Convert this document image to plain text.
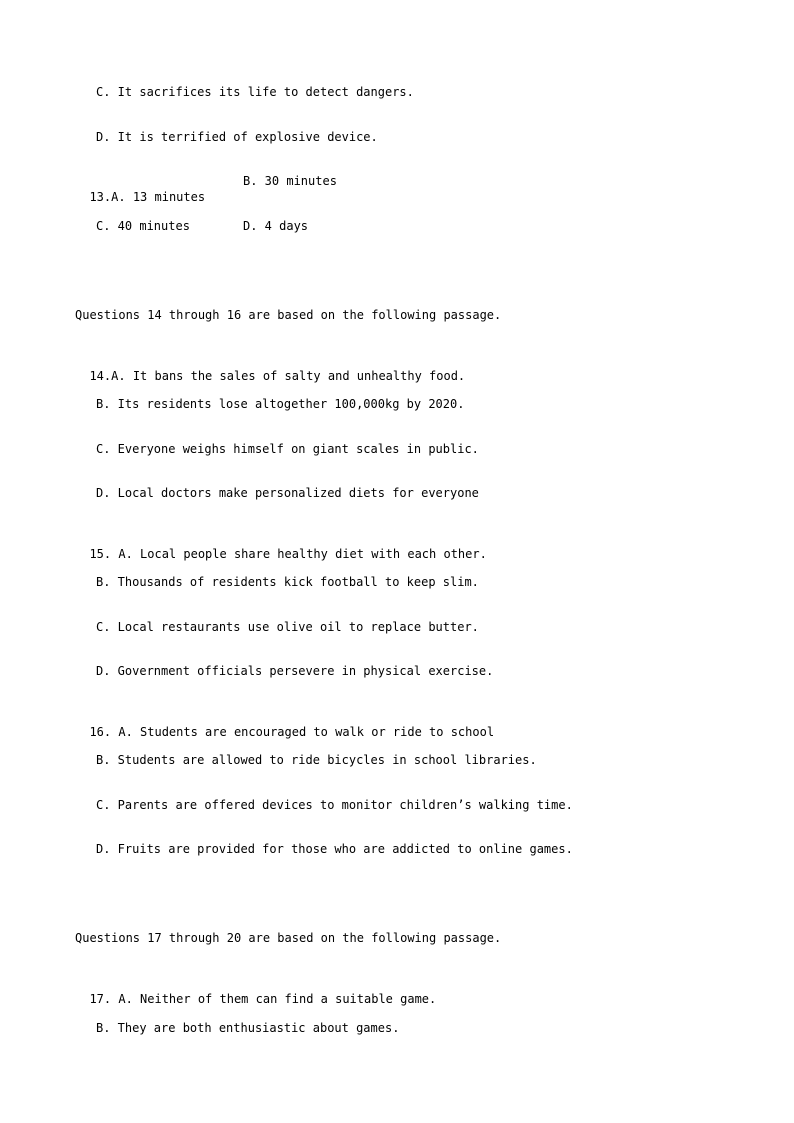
C. It sacrifices its life to detect dangers.
D. It is terrified of explosive device.

13.A. 13 minutes

B. 30 minutes
C. 40 minutes	D. 4 days
Questions 14 through 16 are based on the following passage.

14.A. It bans the sales of salty and unhealthy food.

B. Its residents lose altogether 100,000kg by 2020.
C. Everyone weighs himself on giant scales in public.
D. Local doctors make personalized diets for everyone

15. A. Local people share healthy diet with each other.

B. Thousands of residents kick football to keep slim.
C. Local restaurants use olive oil to replace butter.
D. Government officials persevere in physical exercise.

16. A. Students are encouraged to walk or ride to school

B. Students are allowed to ride bicycles in school libraries.
C. Parents are offered devices to monitor children’s walking time.
D. Fruits are provided for those who are addicted to online games.
Questions 17 through 20 are based on the following passage.

17. A. Neither of them can find a suitable game.

B. They are both enthusiastic about games.
